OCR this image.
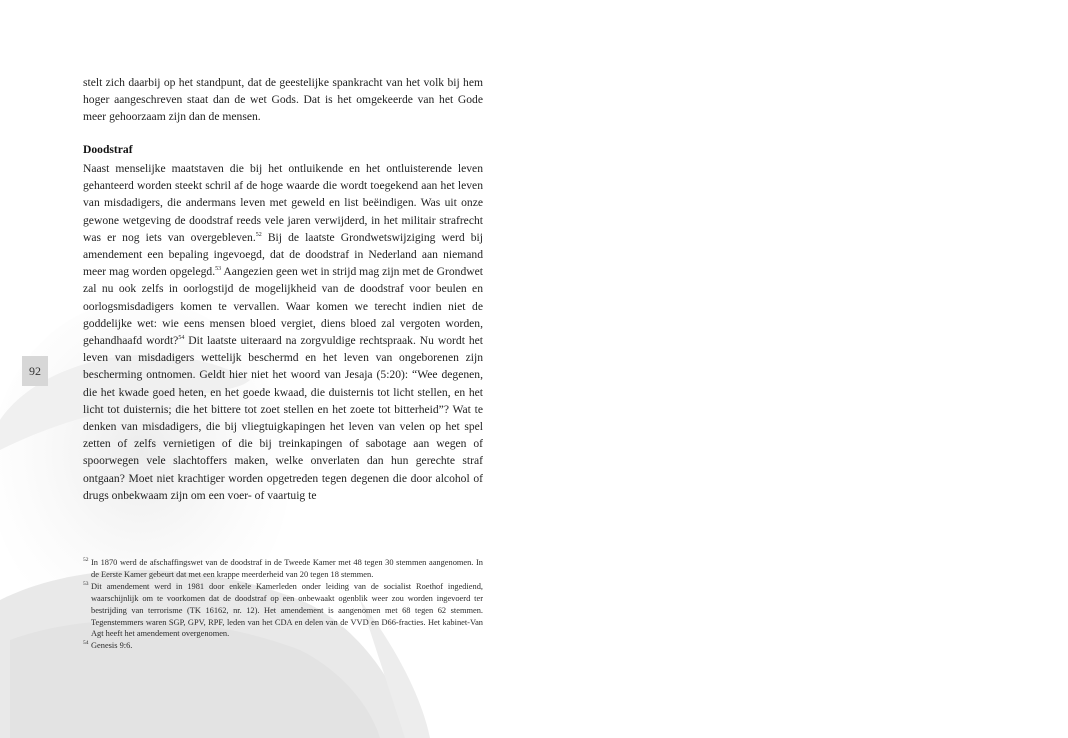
92

stelt zich daarbij op het standpunt, dat de geestelijke spankracht van het volk bij hem hoger aangeschreven staat dan de wet Gods. Dat is het omgekeerde van het Gode meer gehoorzaam zijn dan de mensen.

Doodstraf

Naast menselijke maatstaven die bij het ontluikende en het ontluisterende leven gehanteerd worden steekt schril af de hoge waarde die wordt toegekend aan het leven van misdadigers, die andermans leven met geweld en list beëindigen. Was uit onze gewone wetgeving de doodstraf reeds vele jaren verwijderd, in het militair strafrecht was er nog iets van overgebleven.$^{52}$ Bij de laatste Grondwetswijziging werd bij amendement een bepaling ingevoegd, dat de doodstraf in Nederland aan niemand meer mag worden opgelegd.$^{53}$ Aangezien geen wet in strijd mag zijn met de Grondwet zal nu ook zelfs in oorlogstijd de mogelijkheid van de doodstraf voor beulen en oorlogsmisdadigers komen te vervallen. Waar komen we terecht indien niet de goddelijke wet: wie eens mensen bloed vergiet, diens bloed zal vergoten worden, gehandhaafd wordt?$^{54}$ Dit laatste uiteraard na zorgvuldige rechtspraak. Nu wordt het leven van misdadigers wettelijk beschermd en het leven van ongeborenen zijn bescherming ontnomen. Geldt hier niet het woord van Jesaja (5:20): “Wee degenen, die het kwade goed heten, en het goede kwaad, die duisternis tot licht stellen, en het licht tot duisternis; die het bittere tot zoet stellen en het zoete tot bitterheid”? Wat te denken van misdadigers, die bij vliegtuigkapingen het leven van velen op het spel zetten of zelfs vernietigen of die bij treinkapingen of sabotage aan wegen of spoorwegen vele slachtoffers maken, welke onverlaten dan hun gerechte straf ontgaan? Moet niet krachtiger worden opgetreden tegen degenen die door alcohol of drugs onbekwaam zijn om een voer- of vaartuig te

52 In 1870 werd de afschaffingswet van de doodstraf in de Tweede Kamer met 48 tegen 30 stemmen aangenomen. In de Eerste Kamer gebeurt dat met een krappe meerderheid van 20 tegen 18 stemmen.

53 Dit amendement werd in 1981 door enkele Kamerleden onder leiding van de socialist Roethof ingediend, waarschijnlijk om te voorkomen dat de doodstraf op een onbewaakt ogenblik weer zou worden ingevoerd ter bestrijding van terrorisme (TK 16162, nr. 12). Het amendement is aangenomen met 68 tegen 62 stemmen. Tegenstemmers waren SGP, GPV, RPF, leden van het CDA en delen van de VVD en D66-fracties. Het kabinet-Van Agt heeft het amendement overgenomen.

54 Genesis 9:6.
